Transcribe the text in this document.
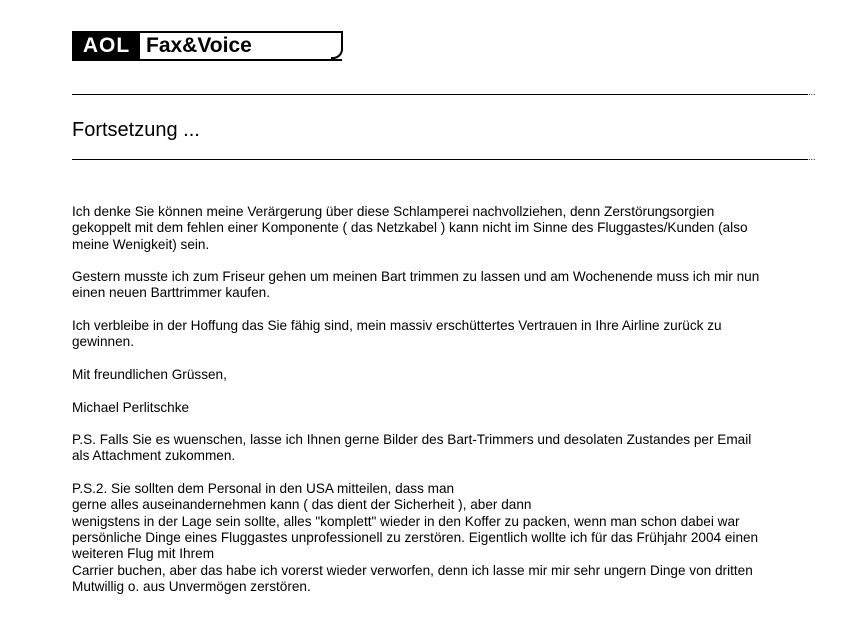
AOL Fax&Voice
...
Fortsetzung ...
...

Ich denke Sie können meine Verärgerung über diese Schlamperei nachvollziehen, denn Zerstörungsorgien
gekoppelt mit dem fehlen einer Komponente ( das Netzkabel ) kann nicht im Sinne des Fluggastes/Kunden (also
meine Wenigkeit) sein.

Gestern musste ich zum Friseur gehen um meinen Bart trimmen zu lassen und am Wochenende muss ich mir nun
einen neuen Barttrimmer kaufen.

Ich verbleibe in der Hoffung das Sie fähig sind, mein massiv erschüttertes Vertrauen in Ihre Airline zurück zu
gewinnen.

Mit freundlichen Grüssen,

Michael Perlitschke

P.S. Falls Sie es wuenschen, lasse ich Ihnen gerne Bilder des Bart-Trimmers und desolaten Zustandes per Email
als Attachment zukommen.

P.S.2. Sie sollten dem Personal in den USA mitteilen, dass man
gerne alles auseinandernehmen kann ( das dient der Sicherheit ), aber dann
wenigstens in der Lage sein sollte, alles "komplett" wieder in den Koffer zu packen, wenn man schon dabei war
persönliche Dinge eines Fluggastes unprofessionell zu zerstören. Eigentlich wollte ich für das Frühjahr 2004 einen
weiteren Flug mit Ihrem
Carrier buchen, aber das habe ich vorerst wieder verworfen, denn ich lasse mir mir sehr ungern Dinge von dritten
Mutwillig o. aus Unvermögen zerstören.
